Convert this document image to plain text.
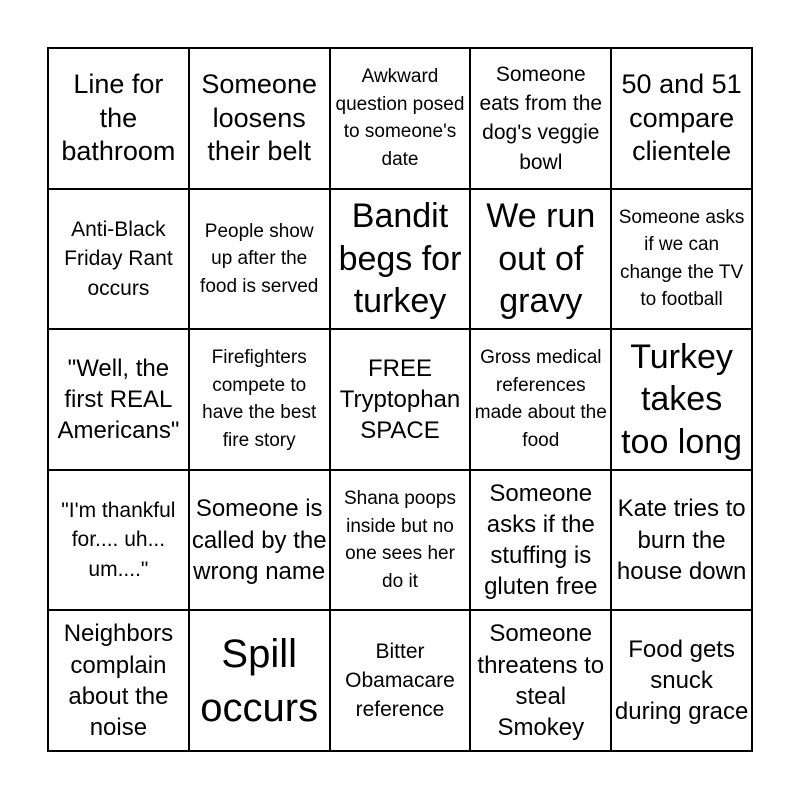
Line for the bathroom
Someone loosens their belt
Awkward question posed to someone's date
Someone eats from the dog's veggie bowl
50 and 51 compare clientele
Anti-Black Friday Rant occurs
People show up after the food is served
Bandit begs for turkey
We run out of gravy
Someone asks if we can change the TV to football
"Well, the first REAL Americans"
Firefighters compete to have the best fire story
FREE Tryptophan SPACE
Gross medical references made about the food
Turkey takes too long
"I'm thankful for.... uh... um...."
Someone is called by the wrong name
Shana poops inside but no one sees her do it
Someone asks if the stuffing is gluten free
Kate tries to burn the house down
Neighbors complain about the noise
Spill occurs
Bitter Obamacare reference
Someone threatens to steal Smokey
Food gets snuck during grace
